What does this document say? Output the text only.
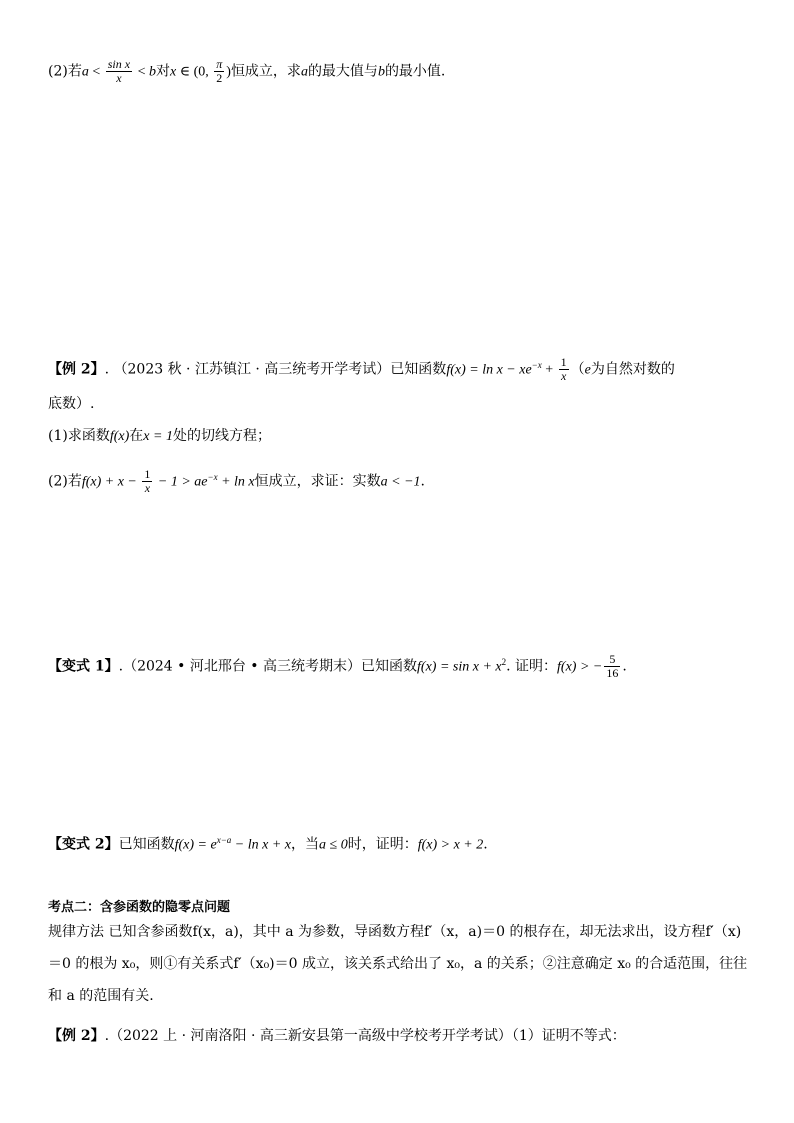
(2)若$a < \frac{\text{sin x}}{x} < b$对x ∈ (0, $\frac{\pi}{2}$ )恒成立，求a的最大值与b的最小值.
【例 2】. （2023 秋 · 江苏镇江 · 高三统考开学考试）已知函数$f(x) = \ln x - xe^{-x} + \frac{1}{x} (e$为自然对数的
底数）.
(1)求函数f(x)在x = 1处的切线方程；
(2)若$f(x) + x - \frac{1}{x} - 1 > ae^{-x} + \ln x$恒成立，求证：实数a < −1.
【变式 1】.（2024 • 河北邢台 • 高三统考期末）已知函数$f(x) = \sin x + x^2$. 证明：f(x) > − $\frac{5}{16}$ .
【变式 2】已知函数$f(x) = e^{x-a} - \ln x + x$，当a ≤ 0时，证明：f(x) > x + 2.
考点二：含参函数的隐零点问题
规律方法 已知含参函数f(x，a)，其中 a 为参数，导函数方程f′（x，a)＝0 的根存在，却无法求出，设方程f′（x)＝0 的根为 x₀，则①有关系式f′（x₀)＝0 成立，该关系式给出了 x₀，a 的关系；②注意确定 x₀ 的合适范围，往往和 a 的范围有关.
【例 2】.（2022 上 · 河南洛阳 · 高三新安县第一高级中学校考开学考试）（1）证明不等式：
